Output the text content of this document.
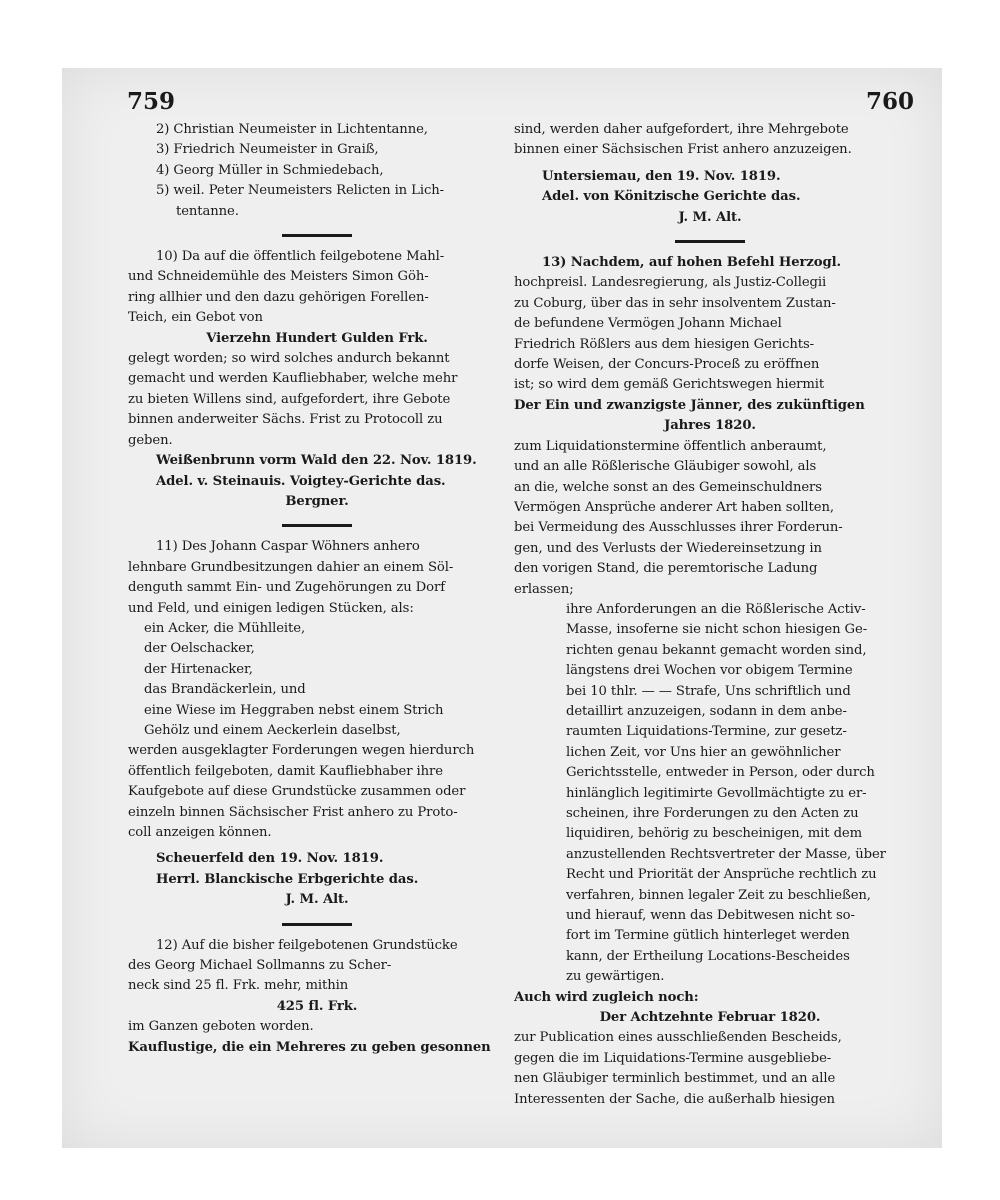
759	760
2) Christian Neumeister in Lichtentanne,
3) Friedrich Neumeister in Graiß,
4) Georg Müller in Schmiedebach,
5) weil. Peter Neumeisters Relicten in Lich-
tentanne.
10) Da auf die öffentlich feilgebotene Mahl-
und Schneidemühle des Meisters Simon Göh-
ring allhier und den dazu gehörigen Forellen-
Teich, ein Gebot von
Vierzehn Hundert Gulden Frk.
gelegt worden; so wird solches andurch bekannt
gemacht und werden Kaufliebhaber, welche mehr
zu bieten Willens sind, aufgefordert, ihre Gebote
binnen anderweiter Sächs. Frist zu Protocoll zu
geben.
Weißenbrunn vorm Wald den 22. Nov. 1819.
Adel. v. Steinauis. Voigtey-Gerichte das.
Bergner.
11) Des Johann Caspar Wöhners anhero
lehnbare Grundbesitzungen dahier an einem Söl-
denguth sammt Ein- und Zugehörungen zu Dorf
und Feld, und einigen ledigen Stücken, als:
ein Acker, die Mühlleite,
der Oelschacker,
der Hirtenacker,
das Brandäckerlein, und
eine Wiese im Heggraben nebst einem Strich
Gehölz und einem Aeckerlein daselbst,
werden ausgeklagter Forderungen wegen hierdurch
öffentlich feilgeboten, damit Kaufliebhaber ihre
Kaufgebote auf diese Grundstücke zusammen oder
einzeln binnen Sächsischer Frist anhero zu Proto-
coll anzeigen können.
Scheuerfeld den 19. Nov. 1819.
Herrl. Blanckische Erbgerichte das.
J. M. Alt.
12) Auf die bisher feilgebotenen Grundstücke
des Georg Michael Sollmanns zu Scher-
neck sind 25 fl. Frk. mehr, mithin
425 fl. Frk.
im Ganzen geboten worden.
Kauflustige, die ein Mehreres zu geben gesonnen
sind, werden daher aufgefordert, ihre Mehrgebote
binnen einer Sächsischen Frist anhero anzuzeigen.
Untersiemau, den 19. Nov. 1819.
Adel. von Könitzische Gerichte das.
J. M. Alt.
13) Nachdem, auf hohen Befehl Herzogl.
hochpreisl. Landesregierung, als Justiz-Collegii
zu Coburg, über das in sehr insolventem Zustan-
de befundene Vermögen Johann Michael
Friedrich Rößlers aus dem hiesigen Gerichts-
dorfe Weisen, der Concurs-Proceß zu eröffnen
ist; so wird dem gemäß Gerichtswegen hiermit
Der Ein und zwanzigste Jänner, des zukünftigen
Jahres 1820.
zum Liquidationstermine öffentlich anberaumt,
und an alle Rößlerische Gläubiger sowohl, als
an die, welche sonst an des Gemeinschuldners
Vermögen Ansprüche anderer Art haben sollten,
bei Vermeidung des Ausschlusses ihrer Forderun-
gen, und des Verlusts der Wiedereinsetzung in
den vorigen Stand, die peremtorische Ladung
erlassen;
ihre Anforderungen an die Rößlerische Activ-
Masse, insoferne sie nicht schon hiesigen Ge-
richten genau bekannt gemacht worden sind,
längstens drei Wochen vor obigem Termine
bei 10 thlr. — — Strafe, Uns schriftlich und
detaillirt anzuzeigen, sodann in dem anbe-
raumten Liquidations-Termine, zur gesetz-
lichen Zeit, vor Uns hier an gewöhnlicher
Gerichtsstelle, entweder in Person, oder durch
hinlänglich legitimirte Gevollmächtigte zu er-
scheinen, ihre Forderungen zu den Acten zu
liquidiren, behörig zu bescheinigen, mit dem
anzustellenden Rechtsvertreter der Masse, über
Recht und Priorität der Ansprüche rechtlich zu
verfahren, binnen legaler Zeit zu beschließen,
und hierauf, wenn das Debitwesen nicht so-
fort im Termine gütlich hinterleget werden
kann, der Ertheilung Locations-Bescheides
zu gewärtigen.
Auch wird zugleich noch:
Der Achtzehnte Februar 1820.
zur Publication eines ausschließenden Bescheids,
gegen die im Liquidations-Termine ausgebliebe-
nen Gläubiger terminlich bestimmet, und an alle
Interessenten der Sache, die außerhalb hiesigen
